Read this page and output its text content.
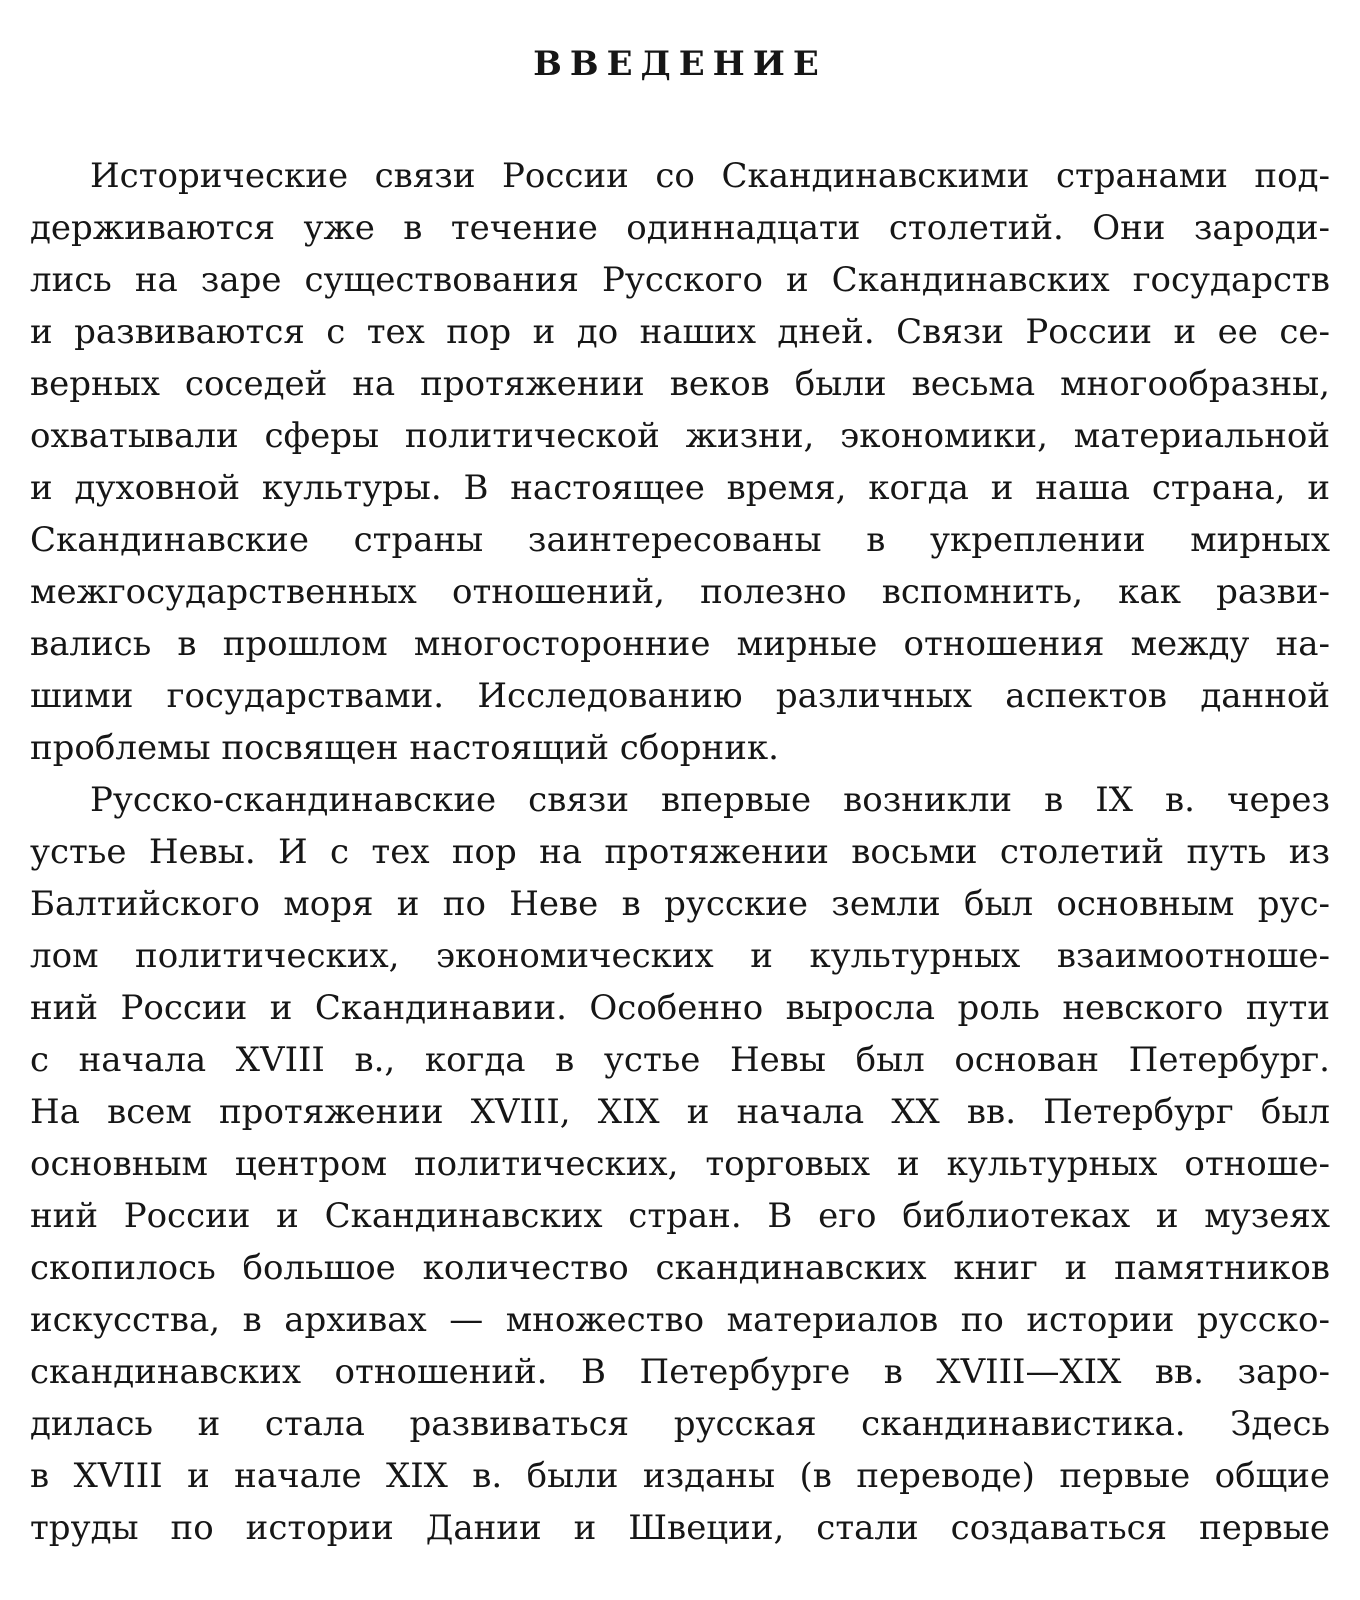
ВВЕДЕНИЕ
Исторические связи России со Скандинавскими странами под-
держиваются уже в течение одиннадцати столетий. Они зароди-
лись на заре существования Русского и Скандинавских государств
и развиваются с тех пор и до наших дней. Связи России и ее се-
верных соседей на протяжении веков были весьма многообразны,
охватывали сферы политической жизни, экономики, материальной
и духовной культуры. В настоящее время, когда и наша страна, и
Скандинавские страны заинтересованы в укреплении мирных
межгосударственных отношений, полезно вспомнить, как разви-
вались в прошлом многосторонние мирные отношения между на-
шими государствами. Исследованию различных аспектов данной
проблемы посвящен настоящий сборник.
Русско-скандинавские связи впервые возникли в IX в. через
устье Невы. И с тех пор на протяжении восьми столетий путь из
Балтийского моря и по Неве в русские земли был основным рус-
лом политических, экономических и культурных взаимоотноше-
ний России и Скандинавии. Особенно выросла роль невского пути
с начала XVIII в., когда в устье Невы был основан Петербург.
На всем протяжении XVIII, XIX и начала XX вв. Петербург был
основным центром политических, торговых и культурных отноше-
ний России и Скандинавских стран. В его библиотеках и музеях
скопилось большое количество скандинавских книг и памятников
искусства, в архивах — множество материалов по истории русско-
скандинавских отношений. В Петербурге в XVIII—XIX вв. заро-
дилась и стала развиваться русская скандинавистика. Здесь
в XVIII и начале XIX в. были изданы (в переводе) первые общие
труды по истории Дании и Швеции, стали создаваться первые
